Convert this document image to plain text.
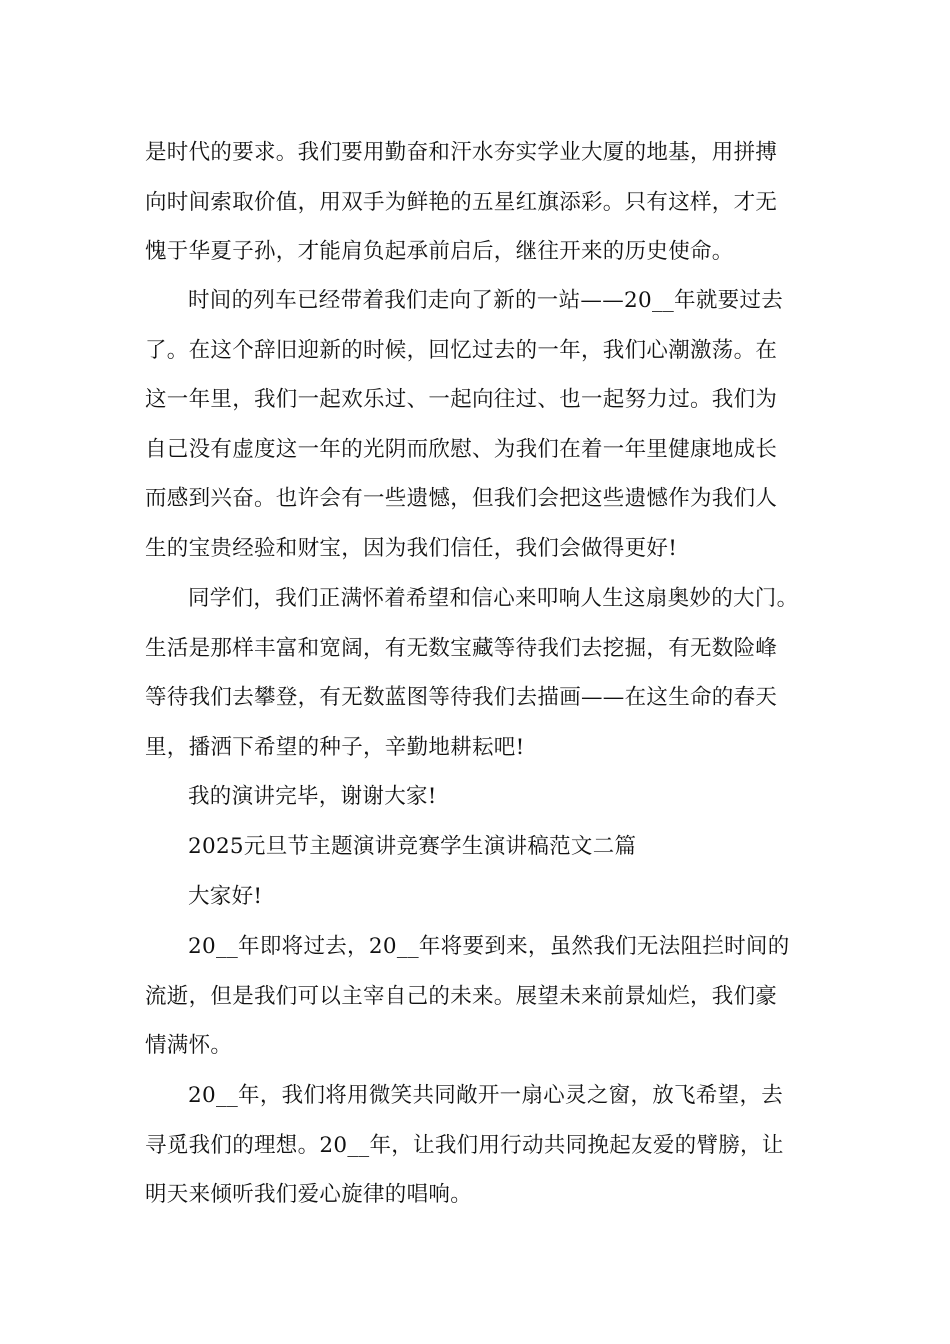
是时代的要求。我们要用勤奋和汗水夯实学业大厦的地基，用拼搏
向时间索取价值，用双手为鲜艳的五星红旗添彩。只有这样，才无
愧于华夏子孙，才能肩负起承前启后，继往开来的历史使命。
时间的列车已经带着我们走向了新的一站——20__年就要过去
了。在这个辞旧迎新的时候，回忆过去的一年，我们心潮激荡。在
这一年里，我们一起欢乐过、一起向往过、也一起努力过。我们为
自己没有虚度这一年的光阴而欣慰、为我们在着一年里健康地成长
而感到兴奋。也许会有一些遗憾，但我们会把这些遗憾作为我们人
生的宝贵经验和财宝，因为我们信任，我们会做得更好!
同学们，我们正满怀着希望和信心来叩响人生这扇奥妙的大门。
生活是那样丰富和宽阔，有无数宝藏等待我们去挖掘，有无数险峰
等待我们去攀登，有无数蓝图等待我们去描画——在这生命的春天
里，播洒下希望的种子，辛勤地耕耘吧!
我的演讲完毕，谢谢大家!
2025元旦节主题演讲竞赛学生演讲稿范文二篇
大家好!
20__年即将过去，20__年将要到来，虽然我们无法阻拦时间的
流逝，但是我们可以主宰自己的未来。展望未来前景灿烂，我们豪
情满怀。
20__年，我们将用微笑共同敞开一扇心灵之窗，放飞希望，去
寻觅我们的理想。20__年，让我们用行动共同挽起友爱的臂膀，让
明天来倾听我们爱心旋律的唱响。
